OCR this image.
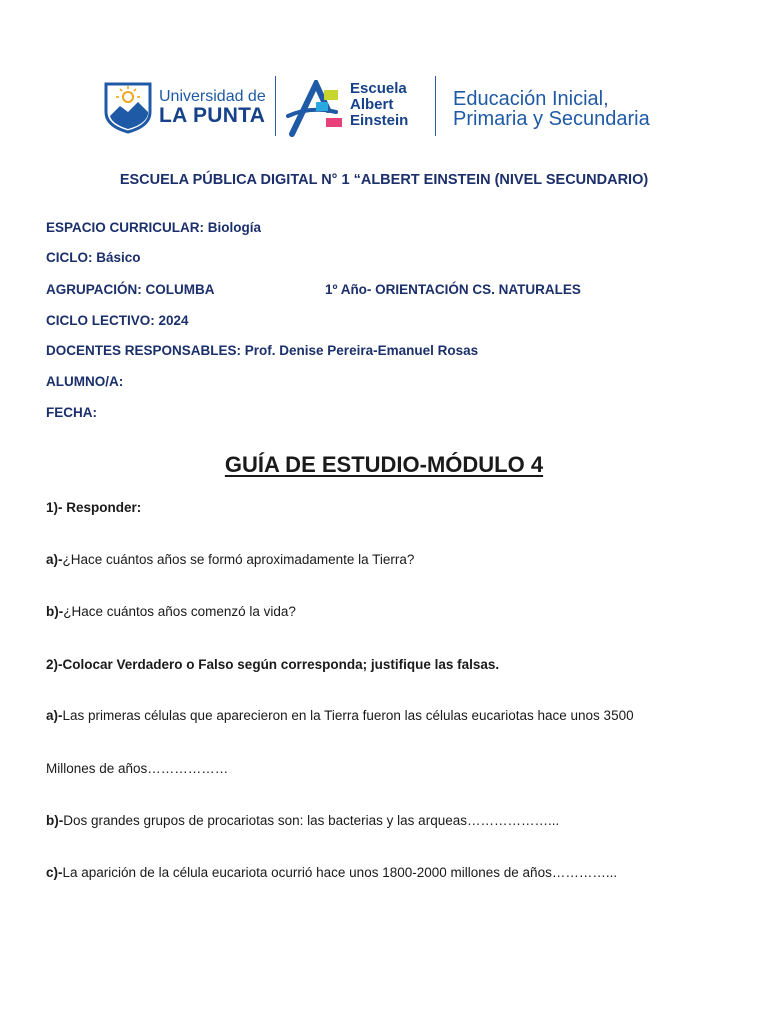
Universidad de
LA PUNTA
Escuela
Albert
Einstein
Educación Inicial,
Primaria y Secundaria
ESCUELA PÚBLICA DIGITAL N° 1 “ALBERT EINSTEIN (NIVEL SECUNDARIO)
ESPACIO CURRICULAR: Biología
CICLO: Básico
AGRUPACIÓN: COLUMBA	1º Año- ORIENTACIÓN CS. NATURALES
CICLO LECTIVO: 2024
DOCENTES RESPONSABLES: Prof. Denise Pereira-Emanuel Rosas
ALUMNO/A:
FECHA:
GUÍA DE ESTUDIO-MÓDULO 4
1)- Responder:
a)-¿Hace cuántos años se formó aproximadamente la Tierra?
b)-¿Hace cuántos años comenzó la vida?
2)-Colocar Verdadero o Falso según corresponda; justifique las falsas.
a)-Las primeras células que aparecieron en la Tierra fueron las células eucariotas hace unos 3500
Millones de años………………
b)-Dos grandes grupos de procariotas son: las bacterias y las arqueas………………...
c)-La aparición de la célula eucariota ocurrió hace unos 1800-2000 millones de años…………...
